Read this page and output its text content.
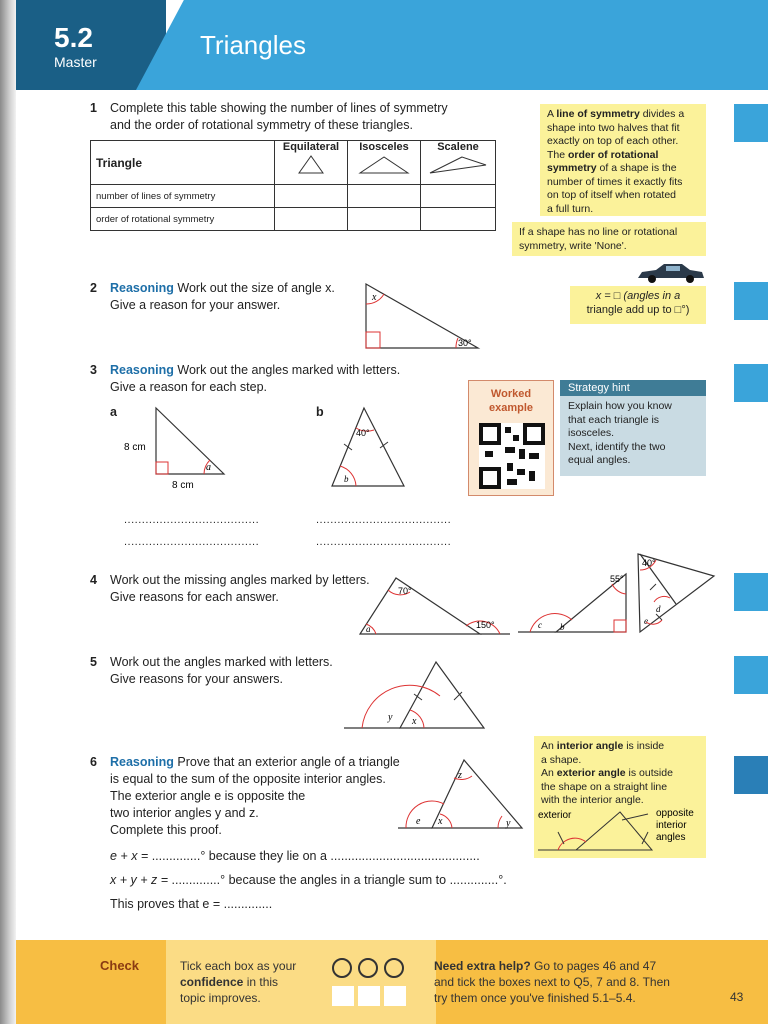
5.2
Master
Triangles
1 Complete this table showing the number of lines of symmetry
and the order of rotational symmetry of these triangles.
Triangle	Equilateral	Isosceles	Scalene

number of lines of symmetry			
order of rotational symmetry			
A line of symmetry divides a
shape into two halves that fit
exactly on top of each other.
The order of rotational
symmetry of a shape is the
number of times it exactly fits
on top of itself when rotated
a full turn.
If a shape has no line or rotational
symmetry, write 'None'.
x = □ (angles in a
triangle add up to □°)
2 Reasoning Work out the size of angle x.
Give a reason for your answer.
x
30°
3 Reasoning Work out the angles marked with letters.
Give a reason for each step.
a	b
8 cm
8 cm
a
40°
b
......................................
......................................
......................................
......................................
Worked
example
Strategy hint
Explain how you know
that each triangle is
isosceles.
Next, identify the two
equal angles.
4 Work out the missing angles marked by letters.
Give reasons for each answer.	70°
a	150°
55°
c b
40°
d
e
5 Work out the angles marked with letters.
Give reasons for your answers.
y x
6 Reasoning Prove that an exterior angle of a triangle
is equal to the sum of the opposite interior angles.
The exterior angle e is opposite the
two interior angles y and z.
Complete this proof.
z
e x	y
e + x = ..............° because they lie on a ...........................................
x + y + z = ..............° because the angles in a triangle sum to ..............°.
This proves that e = ..............
An interior angle is inside
a shape.
An exterior angle is outside
the shape on a straight line
with the interior angle.
exterior	opposite
interior
angles
Check	Tick each box as your
confidence in this
topic improves.
Need extra help? Go to pages 46 and 47
and tick the boxes next to Q5, 7 and 8. Then
try them once you've finished 5.1–5.4.	43
